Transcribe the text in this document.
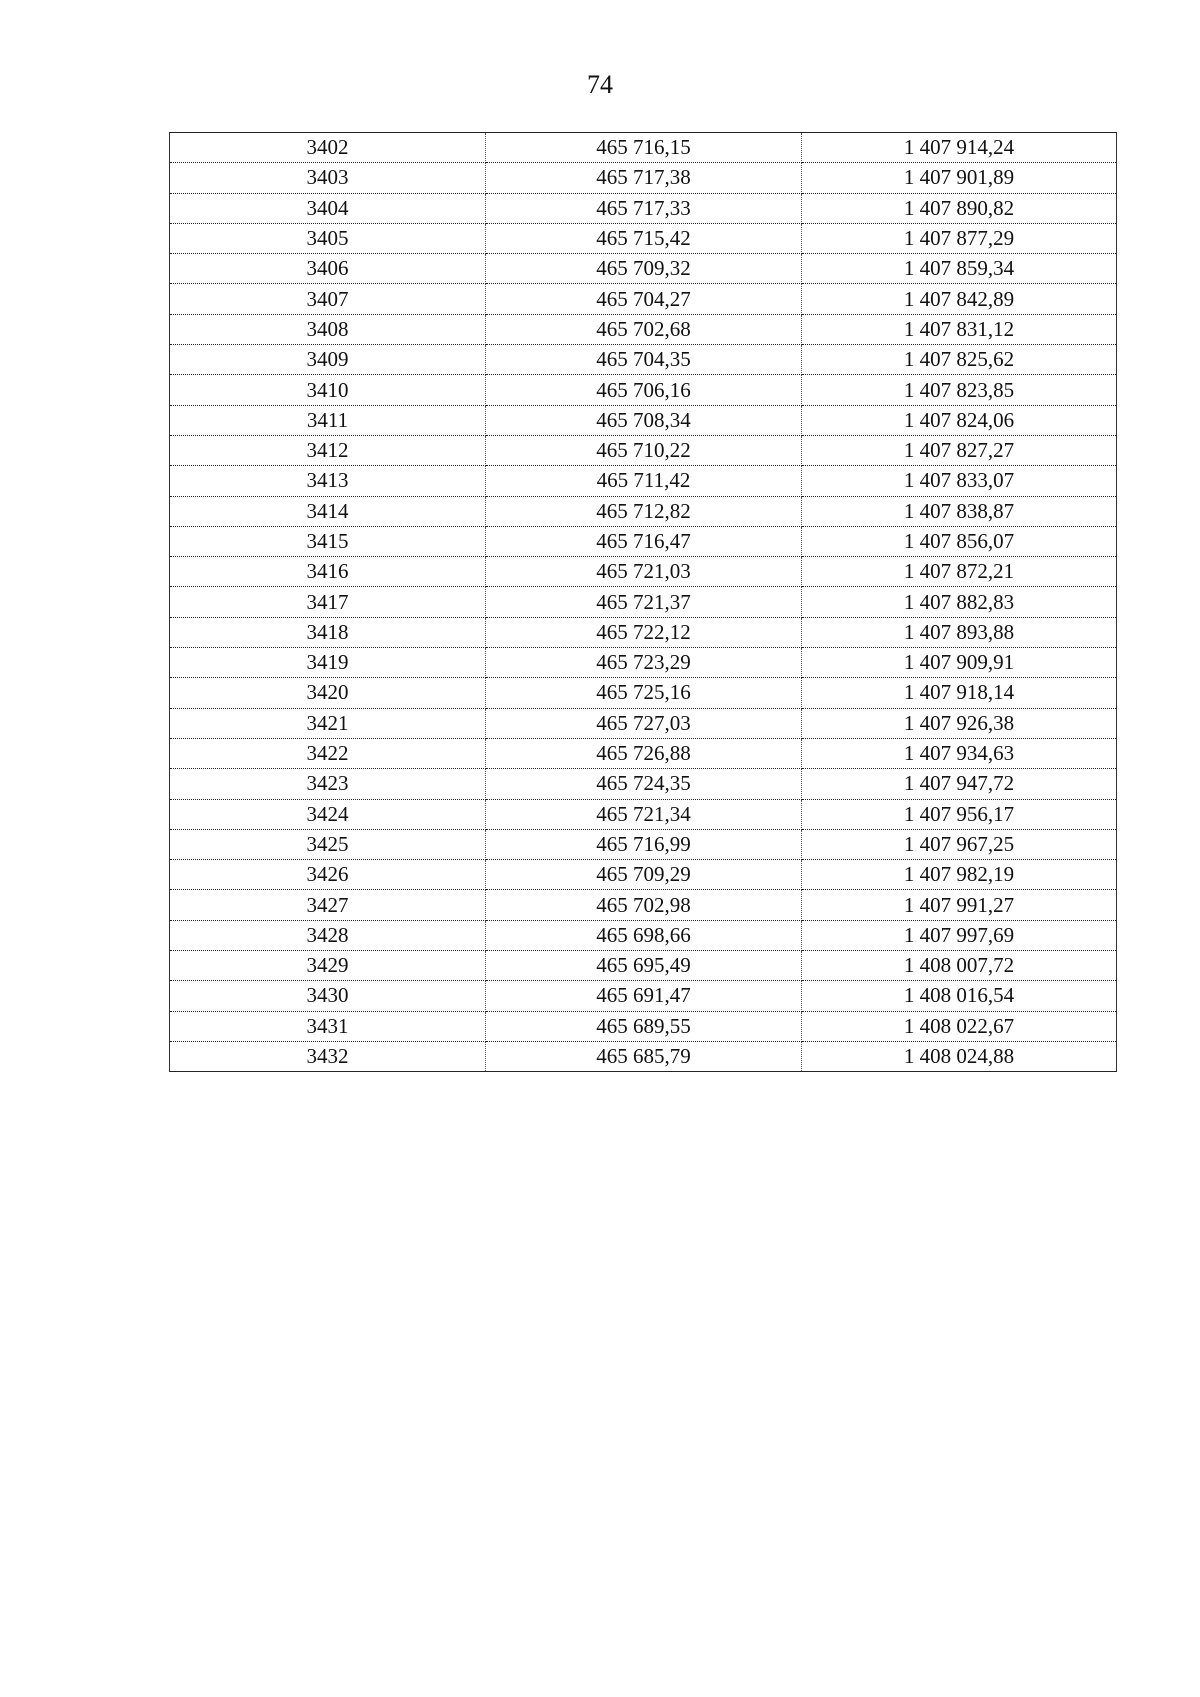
74
3402	465 716,15	1 407 914,24
3403	465 717,38	1 407 901,89
3404	465 717,33	1 407 890,82
3405	465 715,42	1 407 877,29
3406	465 709,32	1 407 859,34
3407	465 704,27	1 407 842,89
3408	465 702,68	1 407 831,12
3409	465 704,35	1 407 825,62
3410	465 706,16	1 407 823,85
3411	465 708,34	1 407 824,06
3412	465 710,22	1 407 827,27
3413	465 711,42	1 407 833,07
3414	465 712,82	1 407 838,87
3415	465 716,47	1 407 856,07
3416	465 721,03	1 407 872,21
3417	465 721,37	1 407 882,83
3418	465 722,12	1 407 893,88
3419	465 723,29	1 407 909,91
3420	465 725,16	1 407 918,14
3421	465 727,03	1 407 926,38
3422	465 726,88	1 407 934,63
3423	465 724,35	1 407 947,72
3424	465 721,34	1 407 956,17
3425	465 716,99	1 407 967,25
3426	465 709,29	1 407 982,19
3427	465 702,98	1 407 991,27
3428	465 698,66	1 407 997,69
3429	465 695,49	1 408 007,72
3430	465 691,47	1 408 016,54
3431	465 689,55	1 408 022,67
3432	465 685,79	1 408 024,88
